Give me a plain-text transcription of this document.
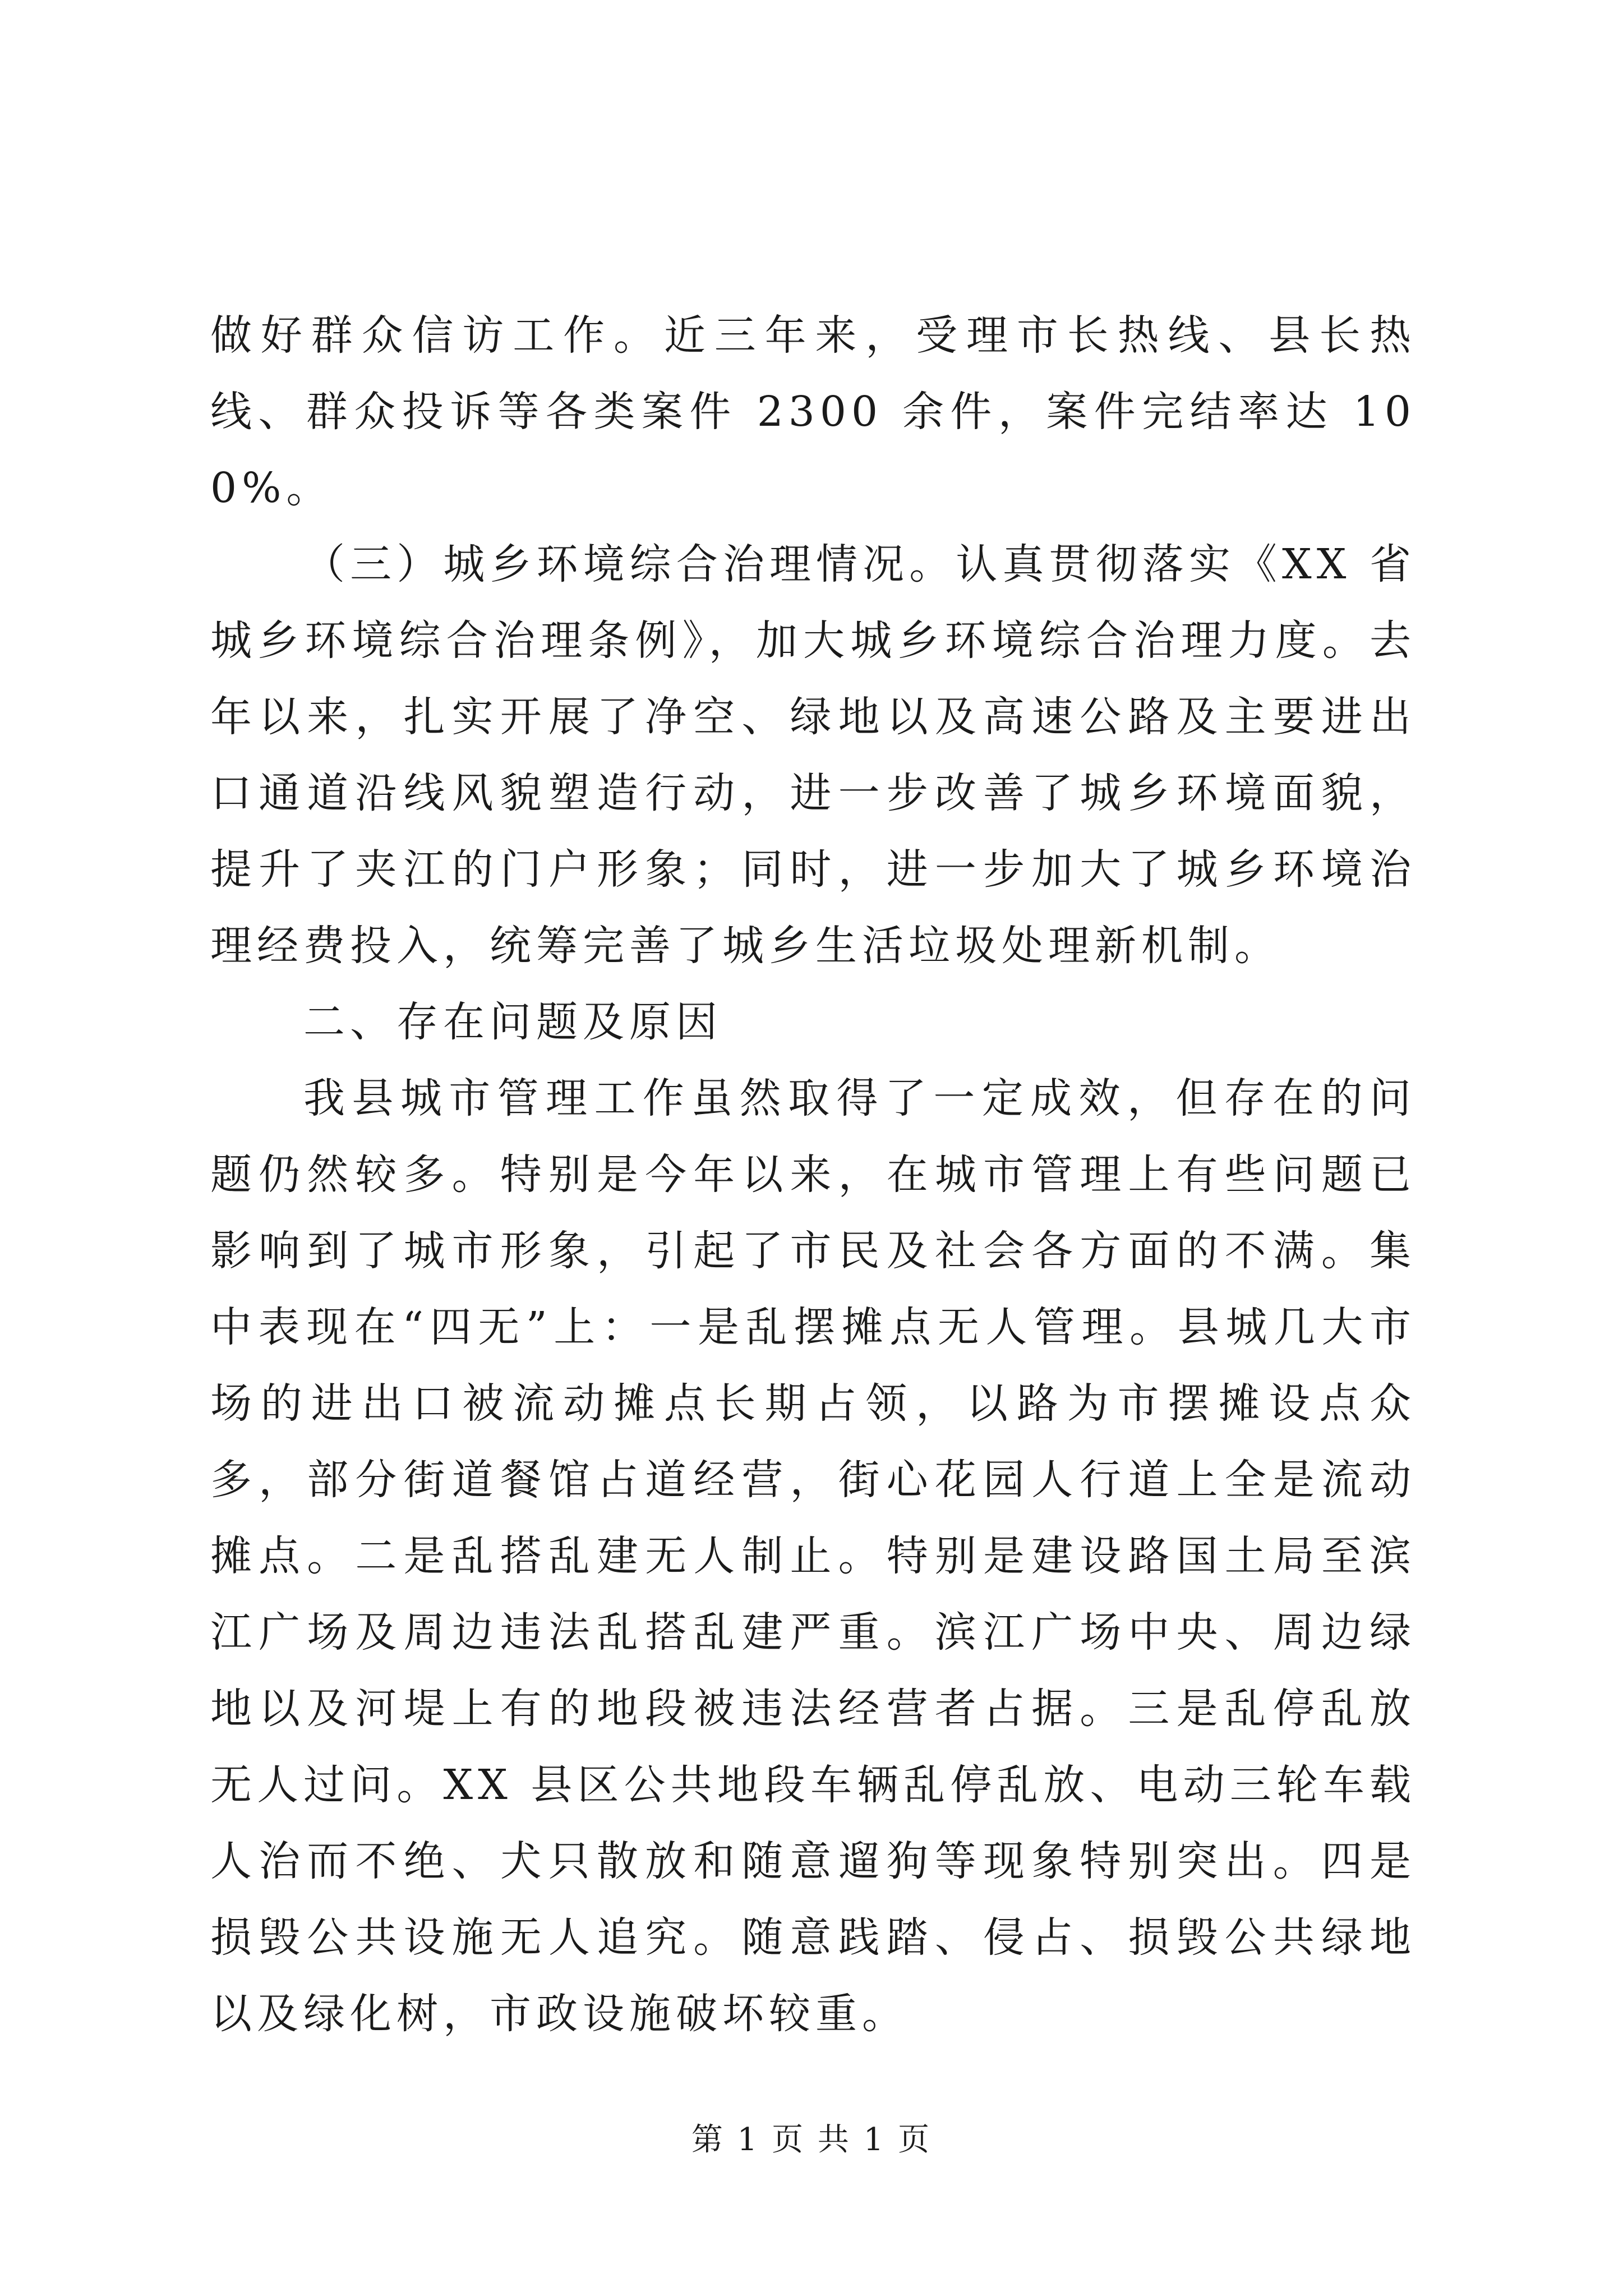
做好群众信访工作。近三年来，受理市长热线、县长热线、群众投诉等各类案件 2300 余件，案件完结率达 100%。

（三）城乡环境综合治理情况。认真贯彻落实《XX 省城乡环境综合治理条例》，加大城乡环境综合治理力度。去年以来，扎实开展了净空、绿地以及高速公路及主要进出口通道沿线风貌塑造行动，进一步改善了城乡环境面貌，提升了夹江的门户形象；同时，进一步加大了城乡环境治理经费投入，统筹完善了城乡生活垃圾处理新机制。

二、存在问题及原因

我县城市管理工作虽然取得了一定成效，但存在的问题仍然较多。特别是今年以来，在城市管理上有些问题已影响到了城市形象，引起了市民及社会各方面的不满。集中表现在“四无”上：一是乱摆摊点无人管理。县城几大市场的进出口被流动摊点长期占领，以路为市摆摊设点众多，部分街道餐馆占道经营，街心花园人行道上全是流动摊点。二是乱搭乱建无人制止。特别是建设路国土局至滨江广场及周边违法乱搭乱建严重。滨江广场中央、周边绿地以及河堤上有的地段被违法经营者占据。三是乱停乱放无人过问。XX 县区公共地段车辆乱停乱放、电动三轮车载人治而不绝、犬只散放和随意遛狗等现象特别突出。四是损毁公共设施无人追究。随意践踏、侵占、损毁公共绿地以及绿化树，市政设施破坏较重。

第 1 页 共 1 页
